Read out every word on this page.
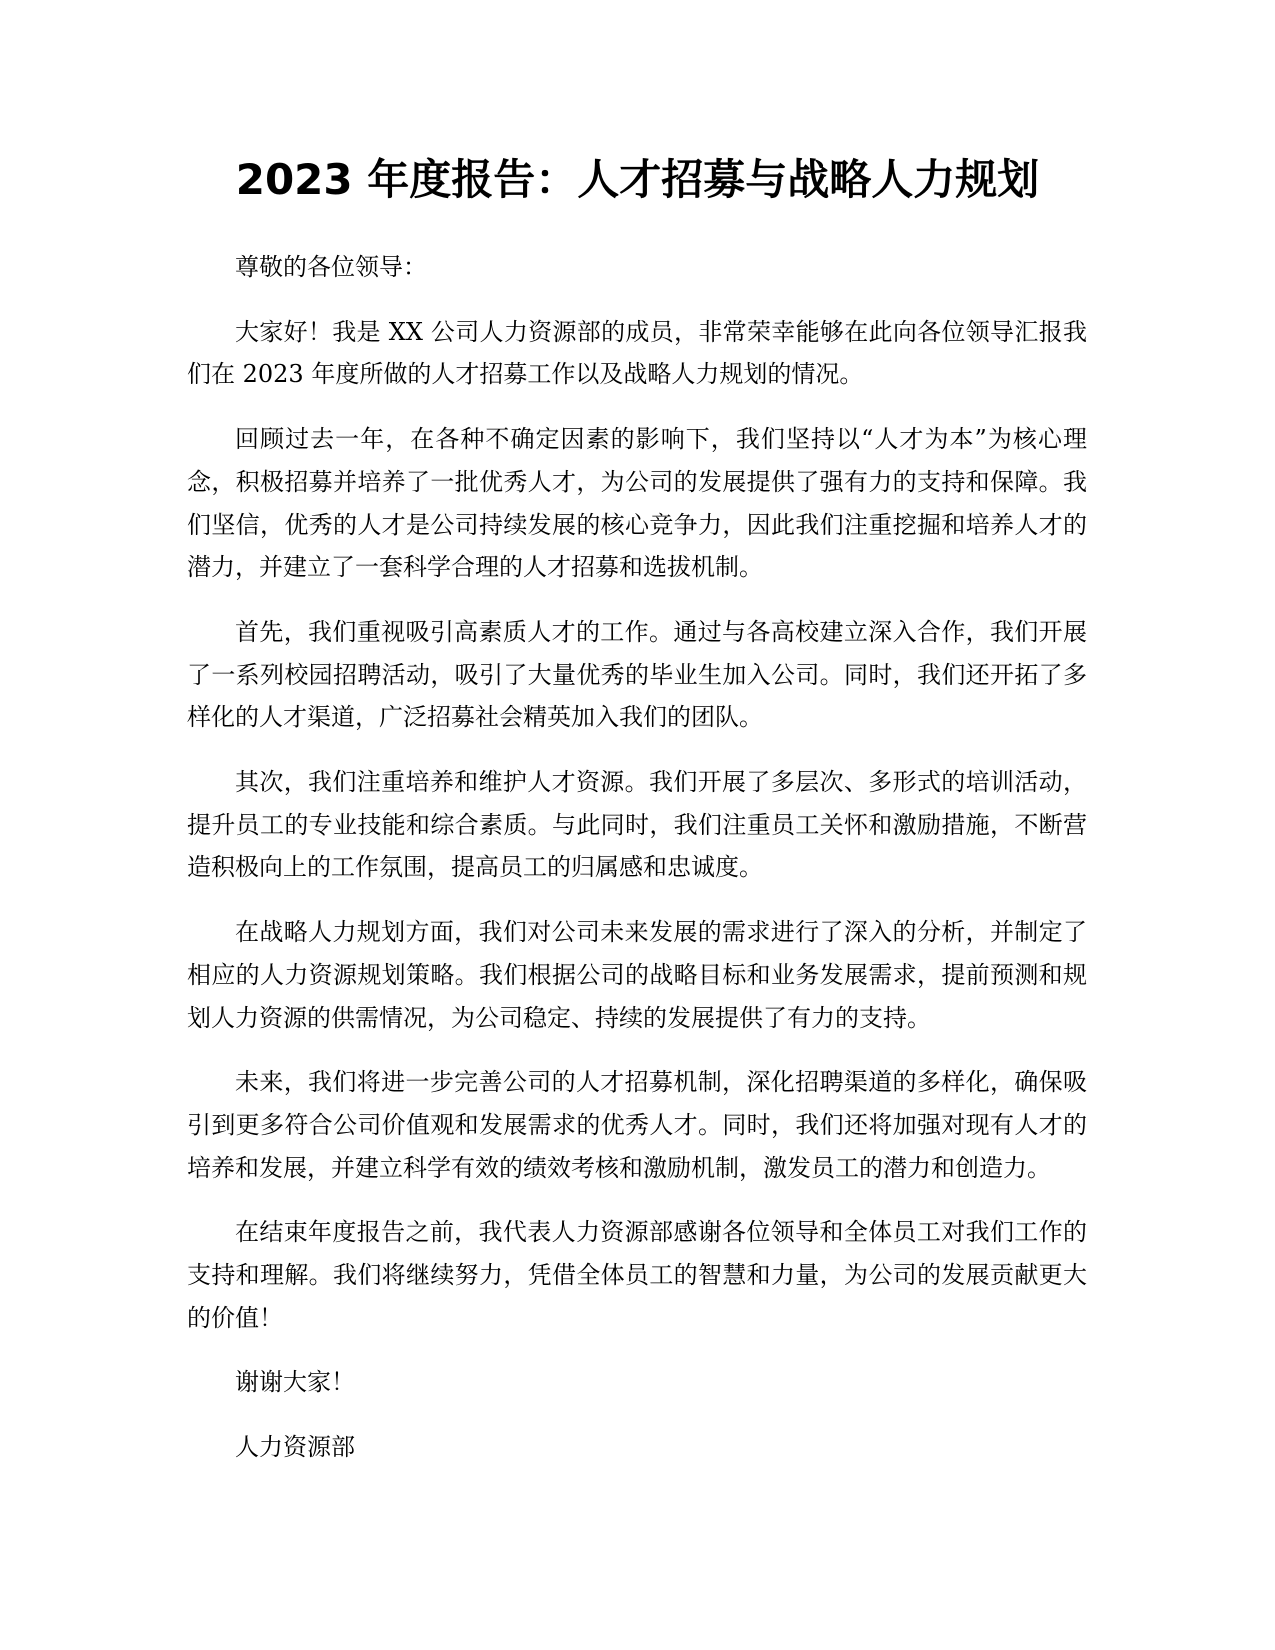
2023 年度报告：人才招募与战略人力规划

尊敬的各位领导：

大家好！我是 XX 公司人力资源部的成员，非常荣幸能够在此向各位领导汇报我们在 2023 年度所做的人才招募工作以及战略人力规划的情况。

回顾过去一年，在各种不确定因素的影响下，我们坚持以“人才为本”为核心理念，积极招募并培养了一批优秀人才，为公司的发展提供了强有力的支持和保障。我们坚信，优秀的人才是公司持续发展的核心竞争力，因此我们注重挖掘和培养人才的潜力，并建立了一套科学合理的人才招募和选拔机制。

首先，我们重视吸引高素质人才的工作。通过与各高校建立深入合作，我们开展了一系列校园招聘活动，吸引了大量优秀的毕业生加入公司。同时，我们还开拓了多样化的人才渠道，广泛招募社会精英加入我们的团队。

其次，我们注重培养和维护人才资源。我们开展了多层次、多形式的培训活动，提升员工的专业技能和综合素质。与此同时，我们注重员工关怀和激励措施，不断营造积极向上的工作氛围，提高员工的归属感和忠诚度。

在战略人力规划方面，我们对公司未来发展的需求进行了深入的分析，并制定了相应的人力资源规划策略。我们根据公司的战略目标和业务发展需求，提前预测和规划人力资源的供需情况，为公司稳定、持续的发展提供了有力的支持。

未来，我们将进一步完善公司的人才招募机制，深化招聘渠道的多样化，确保吸引到更多符合公司价值观和发展需求的优秀人才。同时，我们还将加强对现有人才的培养和发展，并建立科学有效的绩效考核和激励机制，激发员工的潜力和创造力。

在结束年度报告之前，我代表人力资源部感谢各位领导和全体员工对我们工作的支持和理解。我们将继续努力，凭借全体员工的智慧和力量，为公司的发展贡献更大的价值！

谢谢大家！

人力资源部
